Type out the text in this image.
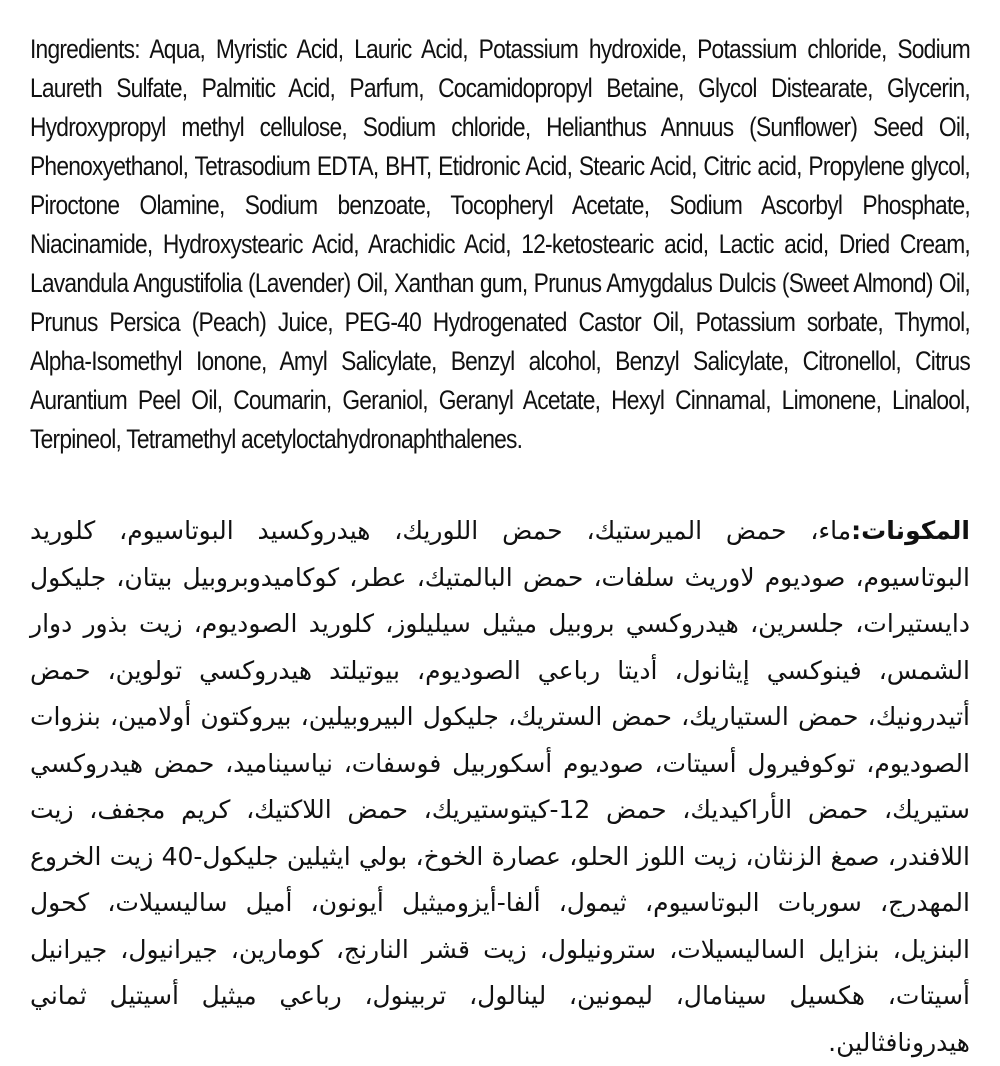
Ingredients: Aqua, Myristic Acid, Lauric Acid, Potassium hydroxide, Potassium chloride, Sodium Laureth Sulfate, Palmitic Acid, Parfum, Cocamidopropyl Betaine, Glycol Distearate, Glycerin, Hydroxypropyl methyl cellulose, Sodium chloride, Helianthus Annuus (Sunflower) Seed Oil, Phenoxyethanol, Tetrasodium EDTA, BHT, Etidronic Acid, Stearic Acid, Citric acid, Propylene glycol, Piroctone Olamine, Sodium benzoate, Tocopheryl Acetate, Sodium Ascorbyl Phosphate, Niacinamide, Hydroxystearic Acid, Arachidic Acid, 12-ketostearic acid, Lactic acid, Dried Cream, Lavandula Angustifolia (Lavender) Oil, Xanthan gum, Prunus Amygdalus Dulcis (Sweet Almond) Oil, Prunus Persica (Peach) Juice, PEG-40 Hydrogenated Castor Oil, Potassium sorbate, Thymol, Alpha-Isomethyl Ionone, Amyl Salicylate, Benzyl alcohol, Benzyl Salicylate, Citronellol, Citrus Aurantium Peel Oil, Coumarin, Geraniol, Geranyl Acetate, Hexyl Cinnamal, Limonene, Linalool, Terpineol, Tetramethyl acetyloctahydronaphthalenes.

المكونات:ماء، حمض الميرستيك، حمض اللوريك، هيدروكسيد البوتاسيوم، كلوريد البوتاسيوم، صوديوم لاوريث سلفات، حمض البالمتيك، عطر، كوكاميدوبروبيل بيتان، جليكول دايستيرات، جلسرين، هيدروكسي بروبيل ميثيل سيليلوز، كلوريد الصوديوم، زيت بذور دوار الشمس، فينوكسي إيثانول، أديتا رباعي الصوديوم، بيوتيلتد هيدروكسي تولوين، حمض أتيدرونيك، حمض الستياريك، حمض الستريك، جليكول البيروبيلين، بيروكتون أولامين، بنزوات الصوديوم، توكوفيرول أسيتات، صوديوم أسكوربيل فوسفات، نياسيناميد، حمض هيدروكسي ستيريك، حمض الأراكيديك، حمض 12-كيتوستيريك، حمض اللاكتيك، كريم مجفف، زيت اللافندر، صمغ الزنثان، زيت اللوز الحلو، عصارة الخوخ، بولي ايثيلين جليكول-40 زيت الخروع المهدرج، سوربات البوتاسيوم، ثيمول، ألفا-أيزوميثيل أيونون، أميل ساليسيلات، كحول البنزيل، بنزايل الساليسيلات، سترونيلول، زيت قشر النارنج، كومارين، جيرانيول، جيرانيل أسيتات، هكسيل سينامال، ليمونين، لينالول، تربينول، رباعي ميثيل أسيتيل ثماني هيدرونافثالين.
